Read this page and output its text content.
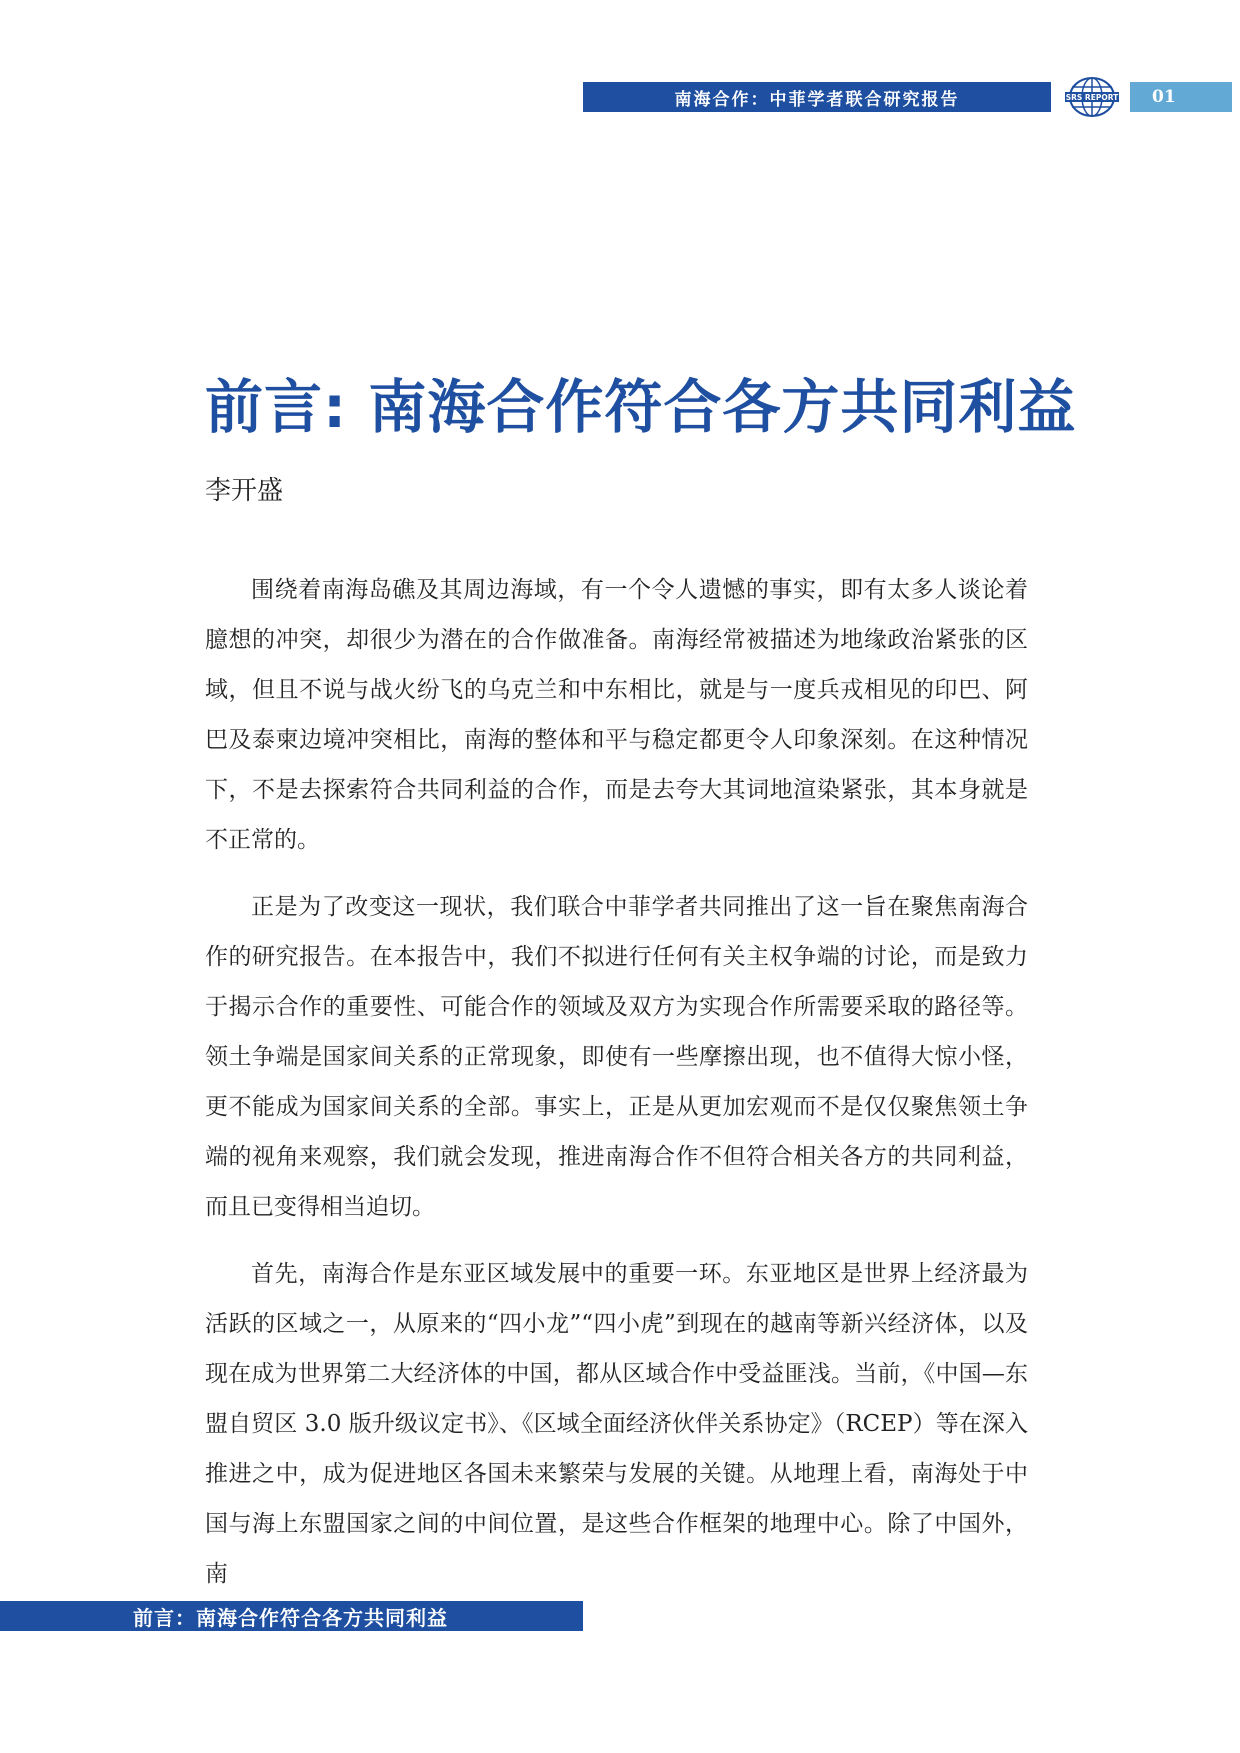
南海合作：中菲学者联合研究报告	SRS REPORT	01
前言: 南海合作符合各方共同利益
李开盛

围绕着南海岛礁及其周边海域，有一个令人遗憾的事实，即有太多人谈论着臆想的冲突，却很少为潜在的合作做准备。南海经常被描述为地缘政治紧张的区域，但且不说与战火纷飞的乌克兰和中东相比，就是与一度兵戎相见的印巴、阿巴及泰柬边境冲突相比，南海的整体和平与稳定都更令人印象深刻。在这种情况下，不是去探索符合共同利益的合作，而是去夸大其词地渲染紧张，其本身就是不正常的。

正是为了改变这一现状，我们联合中菲学者共同推出了这一旨在聚焦南海合作的研究报告。在本报告中，我们不拟进行任何有关主权争端的讨论，而是致力于揭示合作的重要性、可能合作的领域及双方为实现合作所需要采取的路径等。领土争端是国家间关系的正常现象，即使有一些摩擦出现，也不值得大惊小怪，更不能成为国家间关系的全部。事实上，正是从更加宏观而不是仅仅聚焦领土争端的视角来观察，我们就会发现，推进南海合作不但符合相关各方的共同利益，而且已变得相当迫切。

首先，南海合作是东亚区域发展中的重要一环。东亚地区是世界上经济最为活跃的区域之一，从原来的“四小龙”“四小虎”到现在的越南等新兴经济体，以及现在成为世界第二大经济体的中国，都从区域合作中受益匪浅。当前，《中国—东盟自贸区 3.0 版升级议定书》、《区域全面经济伙伴关系协定》（RCEP）等在深入推进之中，成为促进地区各国未来繁荣与发展的关键。从地理上看，南海处于中国与海上东盟国家之间的中间位置，是这些合作框架的地理中心。除了中国外，南

前言：南海合作符合各方共同利益
